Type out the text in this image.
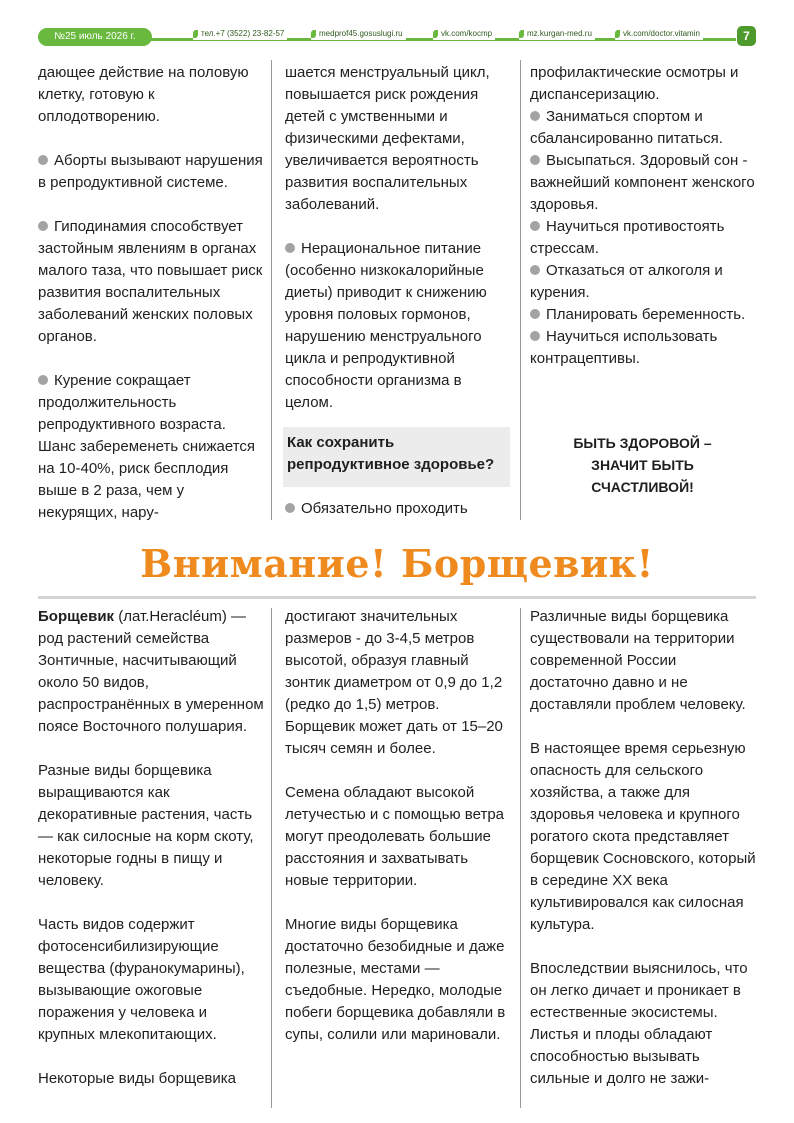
№25 июль 2026 г.	тел.+7 (3522) 23-82-57	medprof45.gosuslugi.ru	vk.com/kocmp	mz.kurgan-med.ru	vk.com/doctor.vitamin	7

дающее действие на половую клетку, готовую к оплодотворению.

Аборты вызывают нарушения в репродуктивной системе.

Гиподинамия способствует застойным явлениям в органах малого таза, что повышает риск развития воспалительных заболеваний женских половых органов.

Курение сокращает продолжительность репродуктивного возраста. Шанс забеременеть снижается на 10-40%, риск бесплодия выше в 2 раза, чем у некурящих, нару-

шается менструальный цикл, повышается риск рождения детей с умственными и физическими дефектами, увеличивается вероятность развития воспалительных заболеваний.

Нерациональное питание (особенно низкокалорийные диеты) приводит к снижению уровня половых гормонов, нарушению менструального цикла и репродуктивной способности организма в целом.

Как сохранить репродуктивное здоровье?

Обязательно проходить

профилактические осмотры и диспансеризацию.

Заниматься спортом и сбалансированно питаться.

Высыпаться. Здоровый сон - важнейший компонент женского здоровья.

Научиться противостоять стрессам.

Отказаться от алкоголя и курения.

Планировать беременность.

Научиться использовать контрацептивы.

БЫТЬ ЗДОРОВОЙ – ЗНАЧИТ БЫТЬ СЧАСТЛИВОЙ!
Внимание! Борщевик!

Борщевик (лат.Heracléum) — род растений семейства Зонтичные, насчитывающий около 50 видов, распространённых в умеренном поясе Восточного полушария.

Разные виды борщевика выращиваются как декоративные растения, часть — как силосные на корм скоту, некоторые годны в пищу и человеку.

Часть видов содержит фотосенсибилизирующие вещества (фуранокумарины), вызывающие ожоговые поражения у человека и крупных млекопитающих.

Некоторые виды борщевика

достигают значительных размеров - до 3-4,5 метров высотой, образуя главный зонтик диаметром от 0,9 до 1,2 (редко до 1,5) метров. Борщевик может дать от 15–20 тысяч семян и более.

Семена обладают высокой летучестью и с помощью ветра могут преодолевать большие расстояния и захватывать новые территории.

Многие виды борщевика достаточно безобидные и даже полезные, местами — съедобные. Нередко, молодые побеги борщевика добавляли в супы, солили или мариновали.

Различные виды борщевика существовали на территории современной России достаточно давно и не доставляли проблем человеку.

В настоящее время серьезную опасность для сельского хозяйства, а также для здоровья человека и крупного рогатого скота представляет борщевик Сосновского, который в середине XX века культивировался как силосная культура.

Впоследствии выяснилось, что он легко дичает и проникает в естественные экосистемы. Листья и плоды обладают способностью вызывать сильные и долго не зажи-
